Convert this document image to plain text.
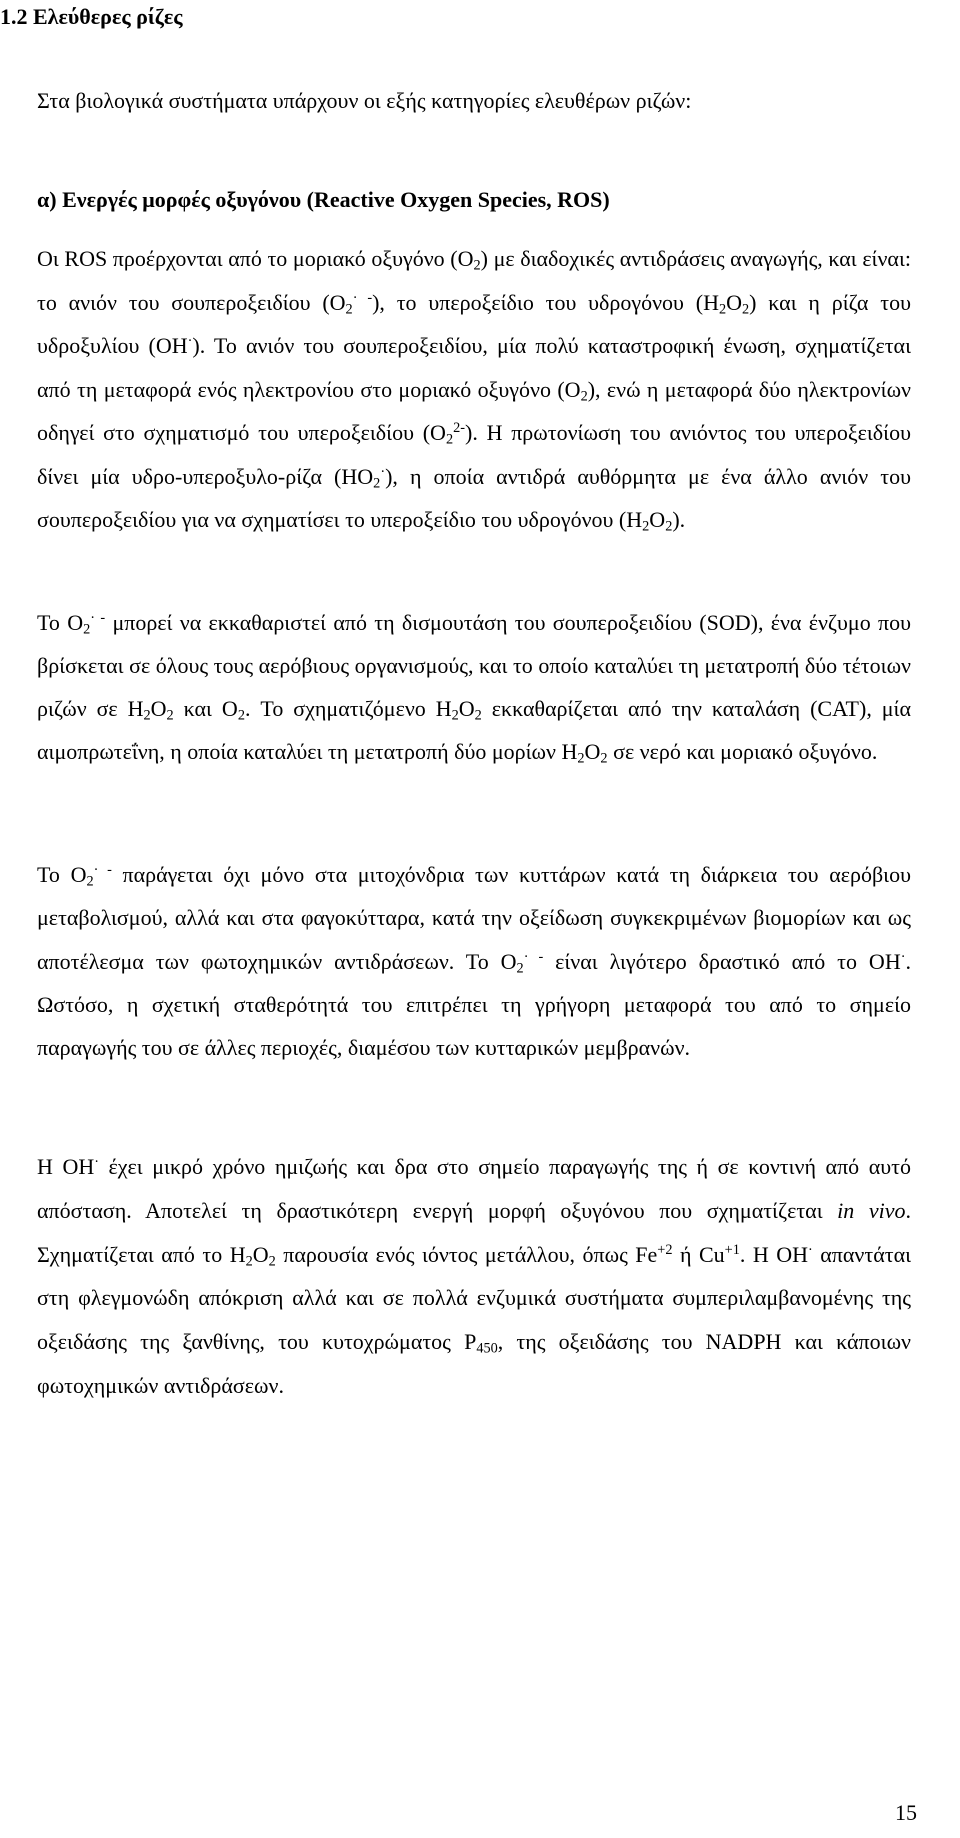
1.2 Ελεύθερες ρίζες

Στα βιολογικά συστήματα υπάρχουν οι εξής κατηγορίες ελευθέρων ριζών:

α) Ενεργές μορφές οξυγόνου (Reactive Oxygen Species, ROS)

Οι ROS προέρχονται από το μοριακό οξυγόνο $(O_2)$ με διαδοχικές αντιδράσεις αναγωγής, και είναι: το ανιόν του σουπεροξειδίου $(O_2^{\cdot -})$, το υπεροξείδιο του υδρογόνου $(H_2O_2)$ και η ρίζα του υδροξυλίου (OH·). Το ανιόν του σουπεροξειδίου, μία πολύ καταστροφική ένωση, σχηματίζεται από τη μεταφορά ενός ηλεκτρονίου στο μοριακό οξυγόνο $(O_2)$, ενώ η μεταφορά δύο ηλεκτρονίων οδηγεί στο σχηματισμό του υπεροξειδίου $(O_2^{2-})$. Η πρωτονίωση του ανιόντος του υπεροξειδίου δίνει μία υδρο-υπεροξυλο-ρίζα $(HO_2^\cdot)$, η οποία αντιδρά αυθόρμητα με ένα άλλο ανιόν του σουπεροξειδίου για να σχηματίσει το υπεροξείδιο του υδρογόνου $(H_2O_2)$.

Το $O_2^{\cdot -}$ μπορεί να εκκαθαριστεί από τη δισμουτάση του σουπεροξειδίου (SOD), ένα ένζυμο που βρίσκεται σε όλους τους αερόβιους οργανισμούς, και το οποίο καταλύει τη μετατροπή δύο τέτοιων ριζών σε $H_2O_2$ και $O_2$. Το σχηματιζόμενο $H_2O_2$ εκκαθαρίζεται από την καταλάση (CAT), μία αιμοπρωτεΐνη, η οποία καταλύει τη μετατροπή δύο μορίων $H_2O_2$ σε νερό και μοριακό οξυγόνο.

Το $O_2^{\cdot -}$ παράγεται όχι μόνο στα μιτοχόνδρια των κυττάρων κατά τη διάρκεια του αερόβιου μεταβολισμού, αλλά και στα φαγοκύτταρα, κατά την οξείδωση συγκεκριμένων βιομορίων και ως αποτέλεσμα των φωτοχημικών αντιδράσεων. Το $O_2^{\cdot -}$ είναι λιγότερο δραστικό από το OH·. Ωστόσο, η σχετική σταθερότητά του επιτρέπει τη γρήγορη μεταφορά του από το σημείο παραγωγής του σε άλλες περιοχές, διαμέσου των κυτταρικών μεμβρανών.

Η OH· έχει μικρό χρόνο ημιζωής και δρα στο σημείο παραγωγής της ή σε κοντινή από αυτό απόσταση. Αποτελεί τη δραστικότερη ενεργή μορφή οξυγόνου που σχηματίζεται in vivo. Σχηματίζεται από το $H_2O_2$ παρουσία ενός ιόντος μετάλλου, όπως $Fe^{+2}$ ή $Cu^{+1}$. Η OH· απαντάται στη φλεγμονώδη απόκριση αλλά και σε πολλά ενζυμικά συστήματα συμπεριλαμβανομένης της οξειδάσης της ξανθίνης, του κυτοχρώματος $P_{450}$, της οξειδάσης του NADPH και κάποιων φωτοχημικών αντιδράσεων.

15
